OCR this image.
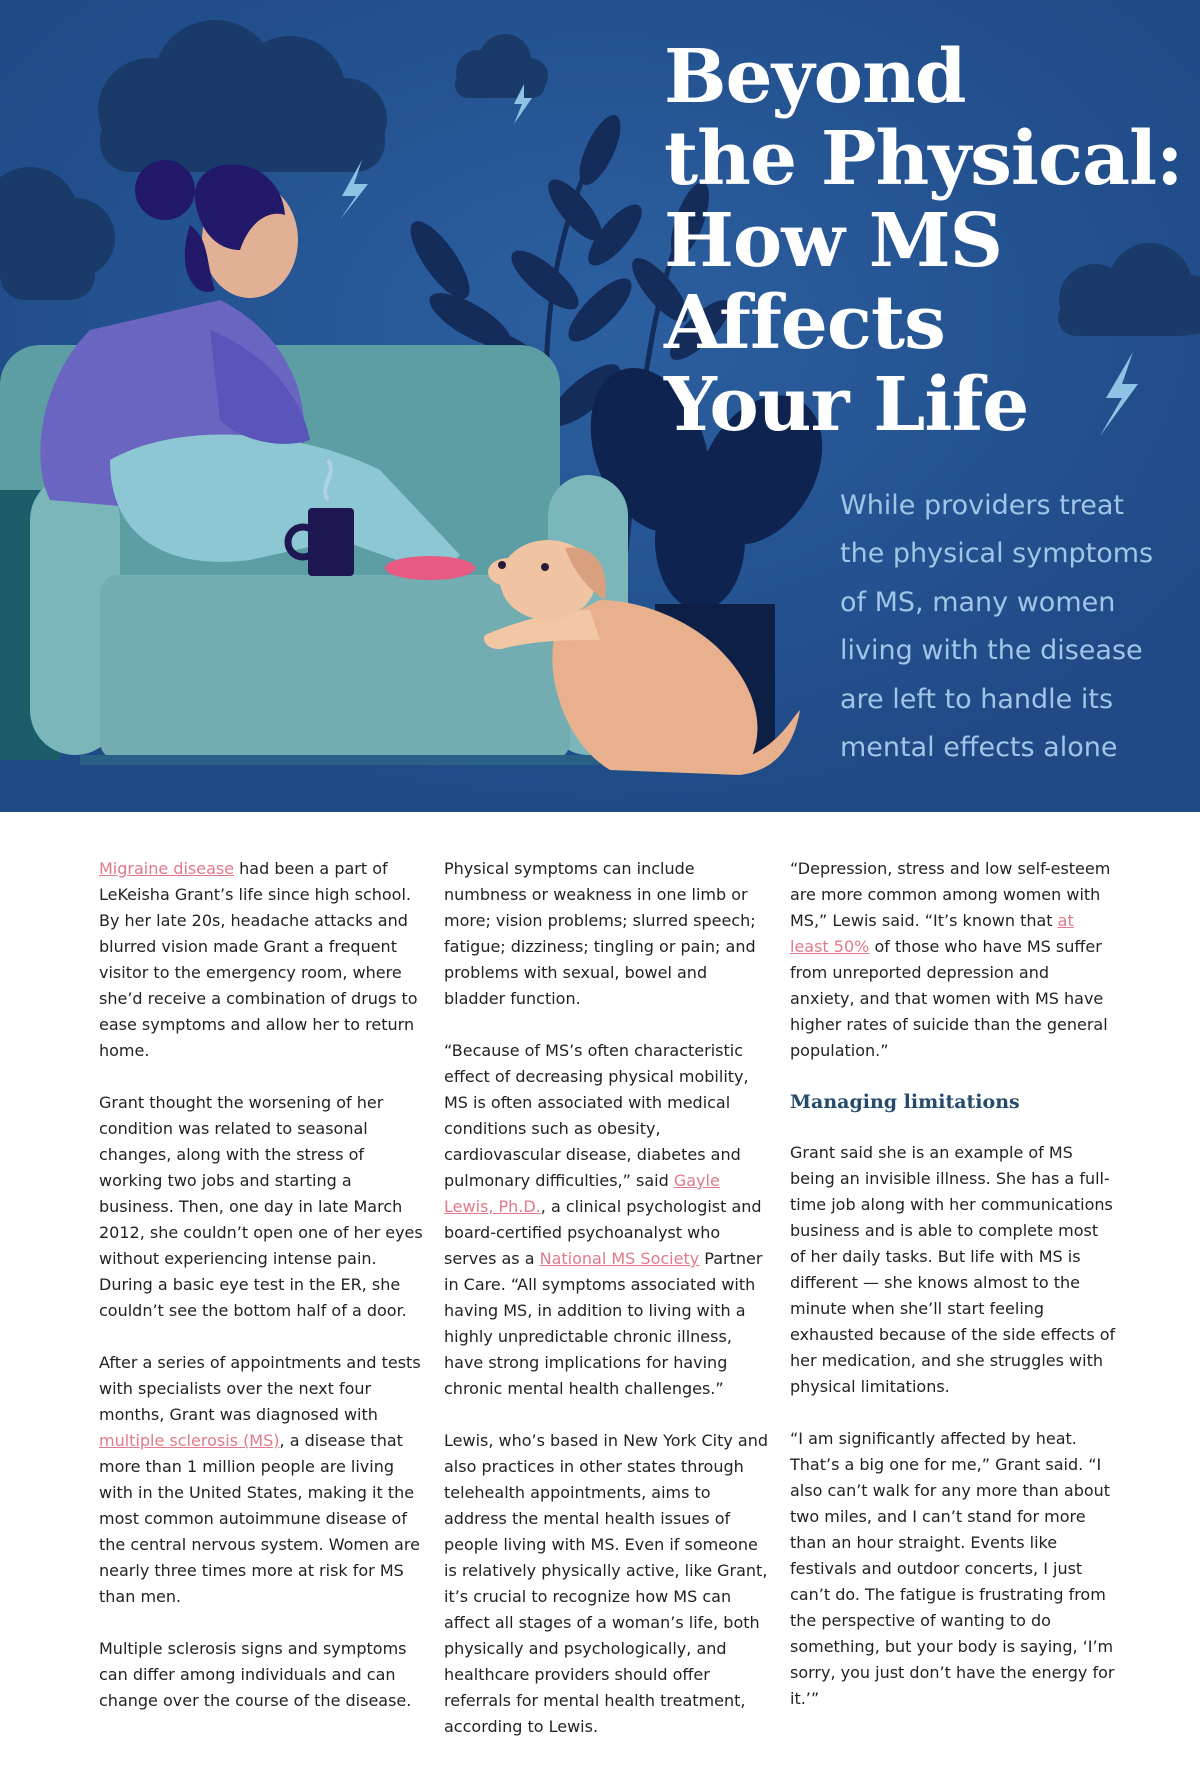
Beyond
the Physical:
How MS
Affects
Your Life

While providers treat
the physical symptoms
of MS, many women
living with the disease
are left to handle its
mental effects alone

Migraine disease had been a part of LeKeisha Grant’s life since high school. By her late 20s, headache attacks and blurred vision made Grant a frequent visitor to the emergency room, where she’d receive a combination of drugs to ease symptoms and allow her to return home.

Grant thought the worsening of her condition was related to seasonal changes, along with the stress of working two jobs and starting a business. Then, one day in late March 2012, she couldn’t open one of her eyes without experiencing intense pain. During a basic eye test in the ER, she couldn’t see the bottom half of a door.

After a series of appointments and tests with specialists over the next four months, Grant was diagnosed with multiple sclerosis (MS), a disease that more than 1 million people are living with in the United States, making it the most common autoimmune disease of the central nervous system. Women are nearly three times more at risk for MS than men.

Multiple sclerosis signs and symptoms can differ among individuals and can change over the course of the disease.

Physical symptoms can include numbness or weakness in one limb or more; vision problems; slurred speech; fatigue; dizziness; tingling or pain; and problems with sexual, bowel and bladder function.

“Because of MS’s often characteristic effect of decreasing physical mobility, MS is often associated with medical conditions such as obesity, cardiovascular disease, diabetes and pulmonary difficulties,” said Gayle Lewis, Ph.D., a clinical psychologist and board-certified psychoanalyst who serves as a National MS Society Partner in Care. “All symptoms associated with having MS, in addition to living with a highly unpredictable chronic illness, have strong implications for having chronic mental health challenges.”

Lewis, who’s based in New York City and also practices in other states through telehealth appointments, aims to address the mental health issues of people living with MS. Even if someone is relatively physically active, like Grant, it’s crucial to recognize how MS can affect all stages of a woman’s life, both physically and psychologically, and healthcare providers should offer referrals for mental health treatment, according to Lewis.

“Depression, stress and low self-esteem are more common among women with MS,” Lewis said. “It’s known that at least 50% of those who have MS suffer from unreported depression and anxiety, and that women with MS have higher rates of suicide than the general population.”

Managing limitations

Grant said she is an example of MS being an invisible illness. She has a full-time job along with her communications business and is able to complete most of her daily tasks. But life with MS is different — she knows almost to the minute when she’ll start feeling exhausted because of the side effects of her medication, and she struggles with physical limitations.

“I am significantly affected by heat. That’s a big one for me,” Grant said. “I also can’t walk for any more than about two miles, and I can’t stand for more than an hour straight. Events like festivals and outdoor concerts, I just can’t do. The fatigue is frustrating from the perspective of wanting to do something, but your body is saying, ‘I’m sorry, you just don’t have the energy for it.’”
